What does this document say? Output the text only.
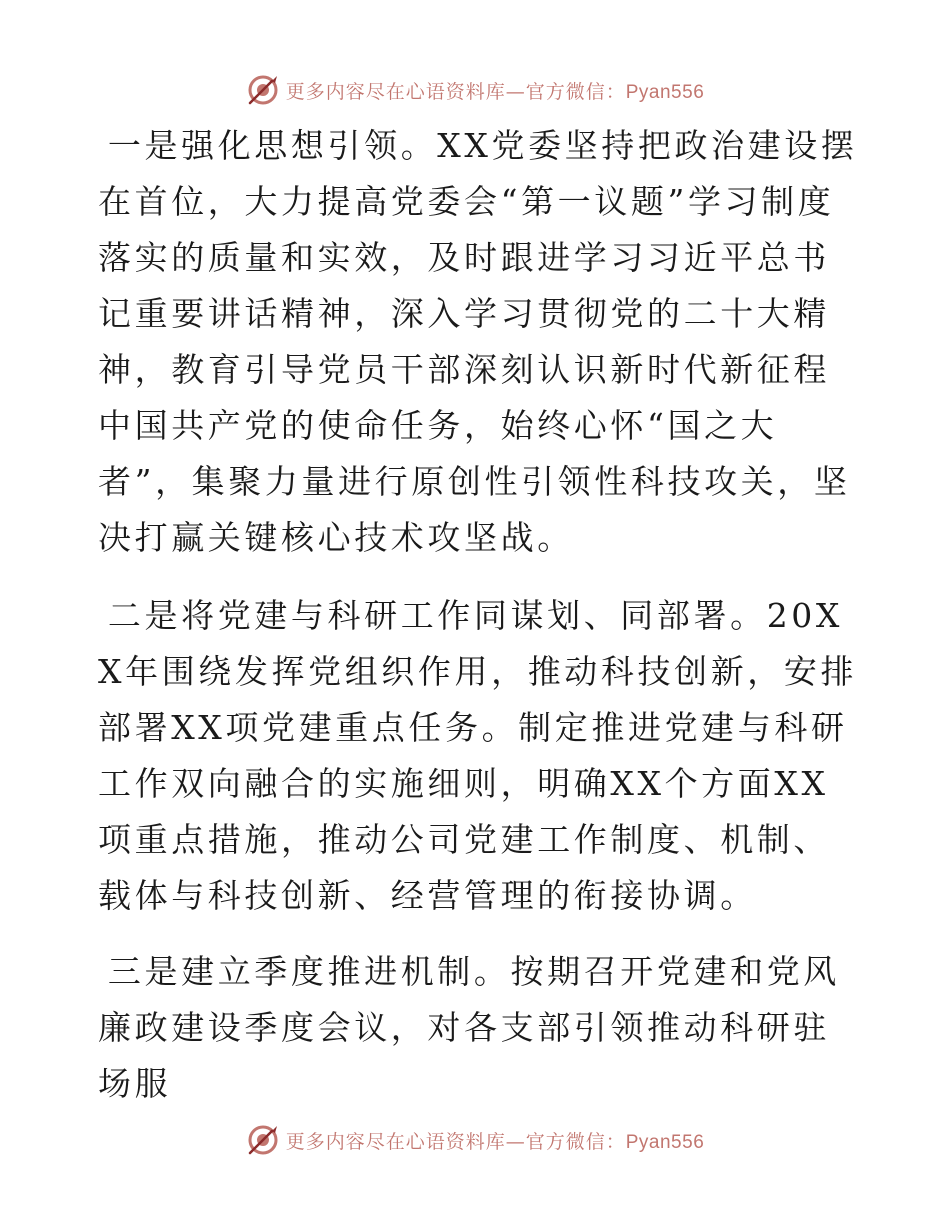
更多内容尽在心语资料库—官方微信：Pyan556

一是强化思想引领。XX党委坚持把政治建设摆在首位，大力提高党委会“第一议题”学习制度落实的质量和实效，及时跟进学习习近平总书记重要讲话精神，深入学习贯彻党的二十大精神，教育引导党员干部深刻认识新时代新征程中国共产党的使命任务，始终心怀“国之大者”，集聚力量进行原创性引领性科技攻关，坚决打赢关键核心技术攻坚战。

二是将党建与科研工作同谋划、同部署。20XX年围绕发挥党组织作用，推动科技创新，安排部署XX项党建重点任务。制定推进党建与科研工作双向融合的实施细则，明确XX个方面XX项重点措施，推动公司党建工作制度、机制、载体与科技创新、经营管理的衔接协调。

三是建立季度推进机制。按期召开党建和党风廉政建设季度会议，对各支部引领推动科研驻场服

更多内容尽在心语资料库—官方微信：Pyan556
